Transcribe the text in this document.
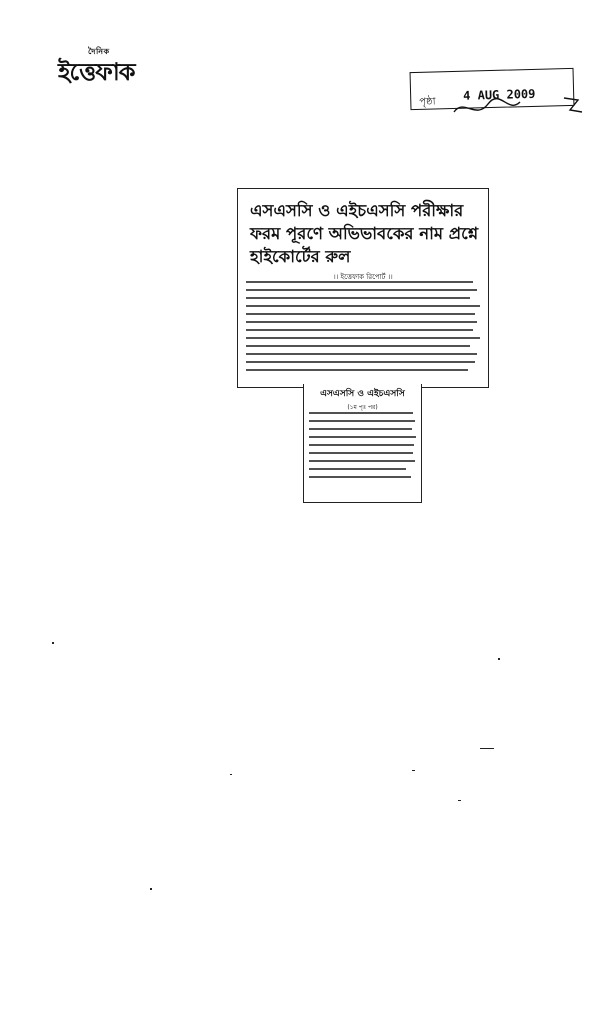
দৈনিক
ইত্তেফাক
পৃষ্ঠা 4 AUG 2009
এসএসসি ও এইচএসসি পরীক্ষার ফরম পূরণে অভিভাবকের নাম প্রশ্নে হাইকোর্টের রুল
।। ইত্তেফাক রিপোর্ট ।।
এসএসসি ও এইচএসসি
(১ম পৃঃ পর)
